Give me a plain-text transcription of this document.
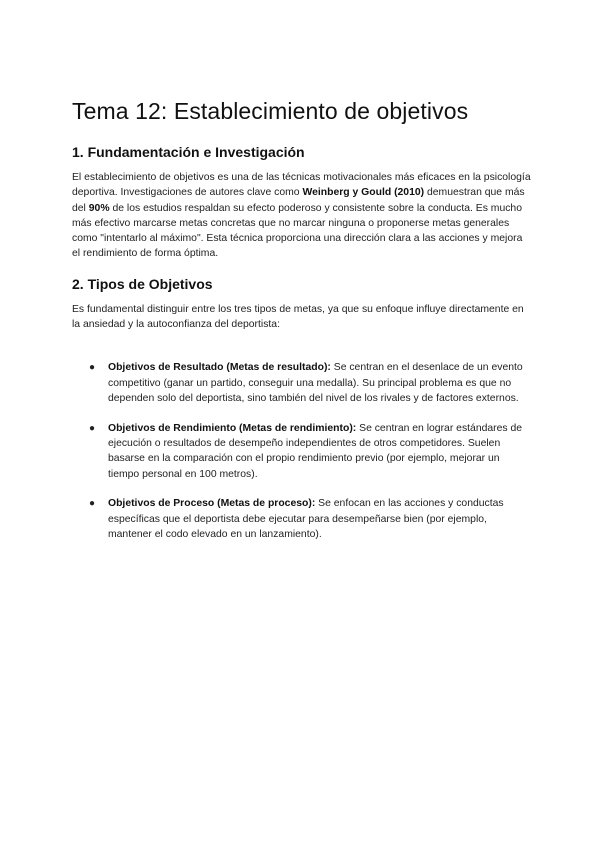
Tema 12: Establecimiento de objetivos
1. Fundamentación e Investigación

El establecimiento de objetivos es una de las técnicas motivacionales más eficaces en la psicología deportiva. Investigaciones de autores clave como Weinberg y Gould (2010) demuestran que más del 90% de los estudios respaldan su efecto poderoso y consistente sobre la conducta. Es mucho más efectivo marcarse metas concretas que no marcar ninguna o proponerse metas generales como "intentarlo al máximo". Esta técnica proporciona una dirección clara a las acciones y mejora el rendimiento de forma óptima.

2. Tipos de Objetivos

Es fundamental distinguir entre los tres tipos de metas, ya que su enfoque influye directamente en la ansiedad y la autoconfianza del deportista:

● Objetivos de Resultado (Metas de resultado): Se centran en el desenlace de un evento competitivo (ganar un partido, conseguir una medalla). Su principal problema es que no dependen solo del deportista, sino también del nivel de los rivales y de factores externos.
● Objetivos de Rendimiento (Metas de rendimiento): Se centran en lograr estándares de ejecución o resultados de desempeño independientes de otros competidores. Suelen basarse en la comparación con el propio rendimiento previo (por ejemplo, mejorar un tiempo personal en 100 metros).
● Objetivos de Proceso (Metas de proceso): Se enfocan en las acciones y conductas específicas que el deportista debe ejecutar para desempeñarse bien (por ejemplo, mantener el codo elevado en un lanzamiento).
